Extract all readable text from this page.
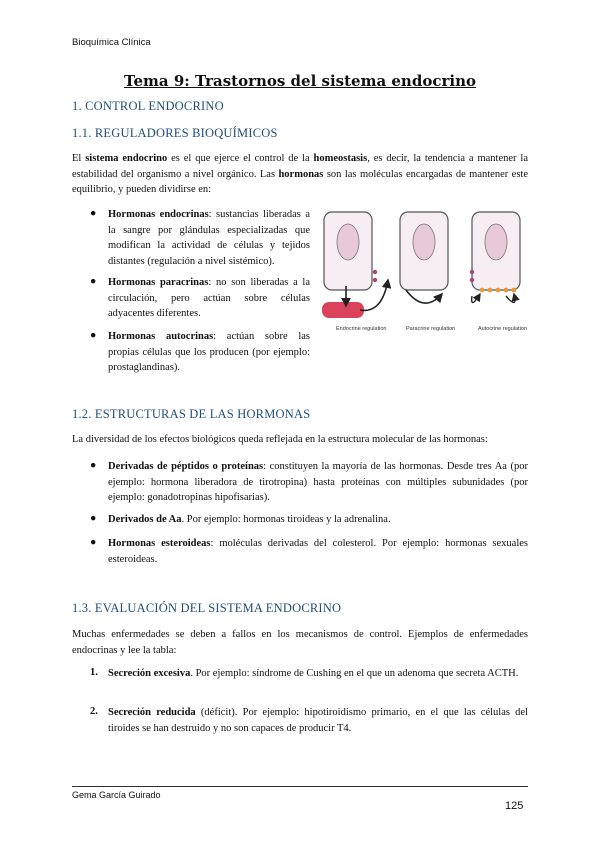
Bioquímica Clínica
Tema 9: Trastornos del sistema endocrino
1. CONTROL ENDOCRINO
1.1. REGULADORES BIOQUÍMICOS
El sistema endocrino es el que ejerce el control de la homeostasis, es decir, la tendencia a mantener la estabilidad del organismo a nivel orgánico. Las hormonas son las moléculas encargadas de mantener este equilibrio, y pueden dividirse en:
● Hormonas endocrinas: sustancias liberadas a la sangre por glándulas especializadas que modifican la actividad de células y tejidos distantes (regulación a nivel sistémico).
● Hormonas paracrinas: no son liberadas a la circulación, pero actúan sobre células adyacentes diferentes.
● Hormonas autocrinas: actúan sobre las propias células que los producen (por ejemplo: prostaglandinas).
Endocrine regulation	Paracrine regulation	Autocrine regulation
1.2. ESTRUCTURAS DE LAS HORMONAS
La diversidad de los efectos biológicos queda reflejada en la estructura molecular de las hormonas:
● Derivadas de péptidos o proteínas: constituyen la mayoría de las hormonas. Desde tres Aa (por ejemplo: hormona liberadora de tirotropina) hasta proteínas con múltiples subunidades (por ejemplo: gonadotropinas hipofisarias).
● Derivados de Aa. Por ejemplo: hormonas tiroideas y la adrenalina.
● Hormonas esteroideas: moléculas derivadas del colesterol. Por ejemplo: hormonas sexuales esteroideas.
1.3. EVALUACIÓN DEL SISTEMA ENDOCRINO
Muchas enfermedades se deben a fallos en los mecanismos de control. Ejemplos de enfermedades endocrinas y lee la tabla:
1. Secreción excesiva. Por ejemplo: síndrome de Cushing en el que un adenoma que secreta ACTH.
2. Secreción reducida (déficit). Por ejemplo: hipotiroidismo primario, en el que las células del tiroides se han destruido y no son capaces de producir T4.
Gema García Guirado
125
